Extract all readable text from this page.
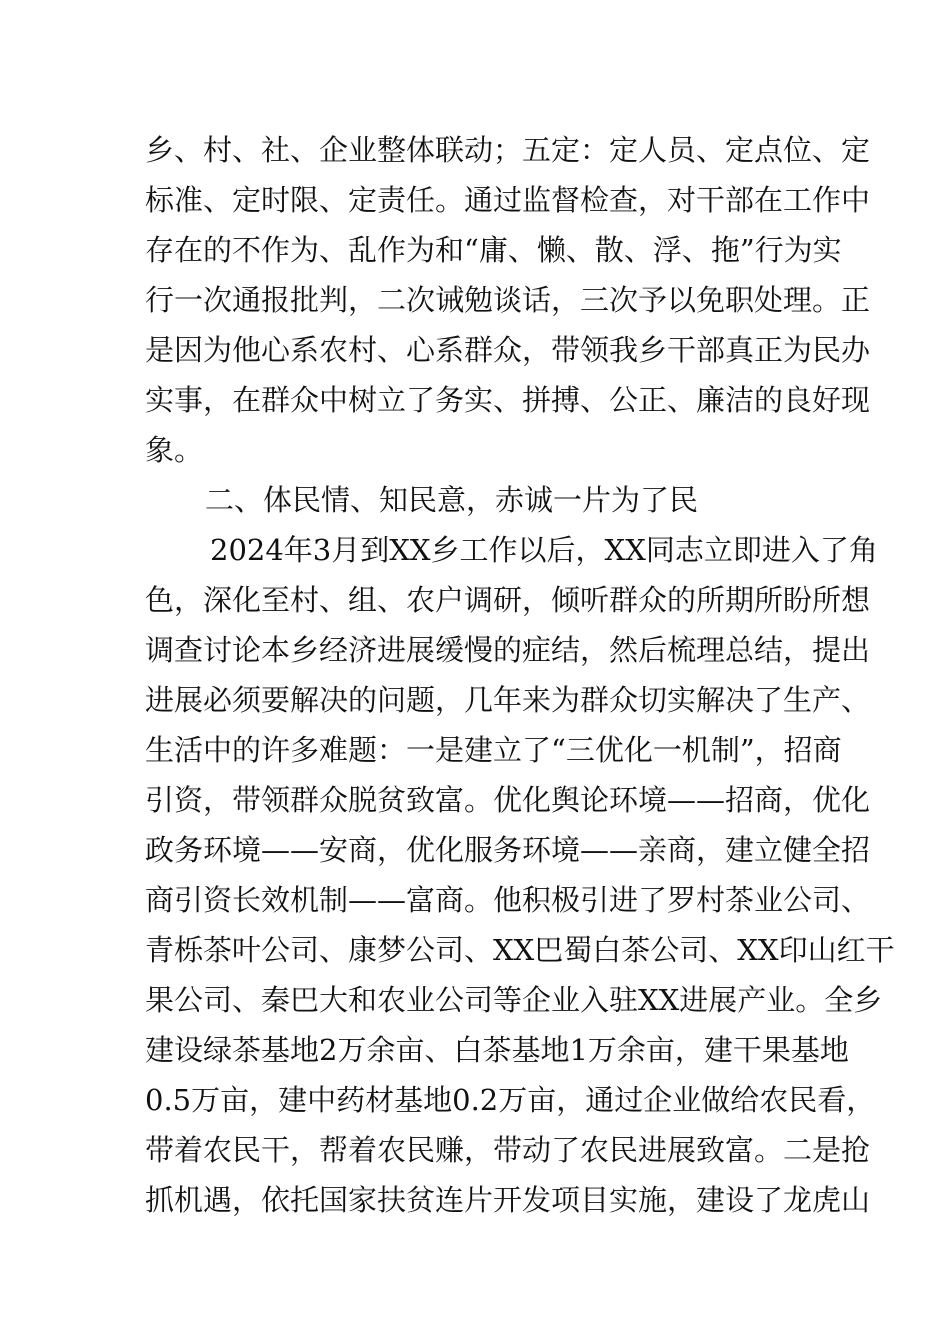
乡、村、社、企业整体联动；五定：定人员、定点位、定
标准、定时限、定责任。通过监督检查，对干部在工作中
存在的不作为、乱作为和“庸、懒、散、浮、拖”行为实
行一次通报批判，二次诫勉谈话，三次予以免职处理。正
是因为他心系农村、心系群众，带领我乡干部真正为民办
实事，在群众中树立了务实、拼搏、公正、廉洁的良好现
象。
二、体民情、知民意，赤诚一片为了民
2024年3月到XX乡工作以后，XX同志立即进入了角
色，深化至村、组、农户调研，倾听群众的所期所盼所想
调查讨论本乡经济进展缓慢的症结，然后梳理总结，提出
进展必须要解决的问题，几年来为群众切实解决了生产、
生活中的许多难题：一是建立了“三优化一机制”，招商
引资，带领群众脱贫致富。优化舆论环境——招商，优化
政务环境——安商，优化服务环境——亲商，建立健全招
商引资长效机制——富商。他积极引进了罗村茶业公司、
青栎茶叶公司、康梦公司、XX巴蜀白茶公司、XX印山红干
果公司、秦巴大和农业公司等企业入驻XX进展产业。全乡
建设绿茶基地2万余亩、白茶基地1万余亩，建干果基地
0.5万亩，建中药材基地0.2万亩，通过企业做给农民看，
带着农民干，帮着农民赚，带动了农民进展致富。二是抢
抓机遇，依托国家扶贫连片开发项目实施，建设了龙虎山
